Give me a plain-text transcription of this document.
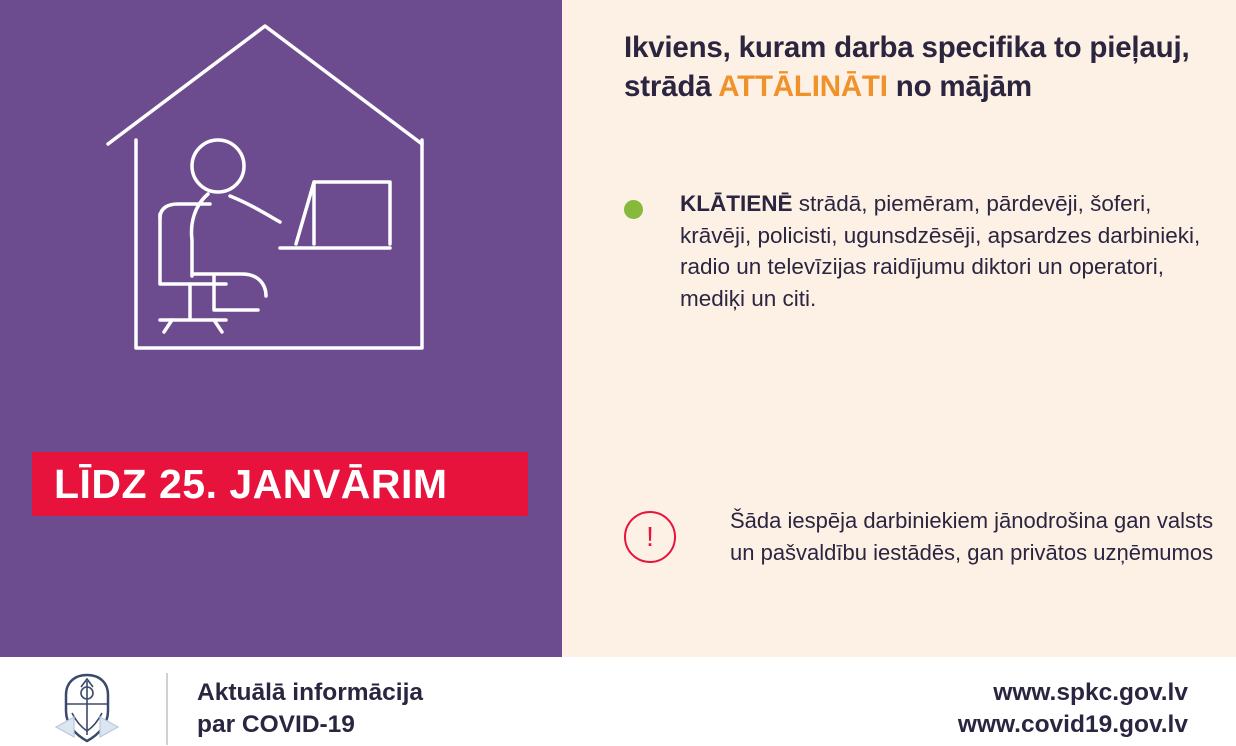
LĪDZ 25. JANVĀRIM
Ikviens, kuram darba specifika to pieļauj, strādā ATTĀLINĀTI no mājām
KLĀTIENĒ strādā, piemēram, pārdevēji, šoferi, krāvēji, policisti, ugunsdzēsēji, apsardzes darbinieki, radio un televīzijas raidījumu diktori un operatori, mediķi un citi.
!
Šāda iespēja darbiniekiem jānodrošina gan valsts un pašvaldību iestādēs, gan privātos uzņēmumos
Aktuālā informācija
par COVID-19
www.spkc.gov.lv
www.covid19.gov.lv
